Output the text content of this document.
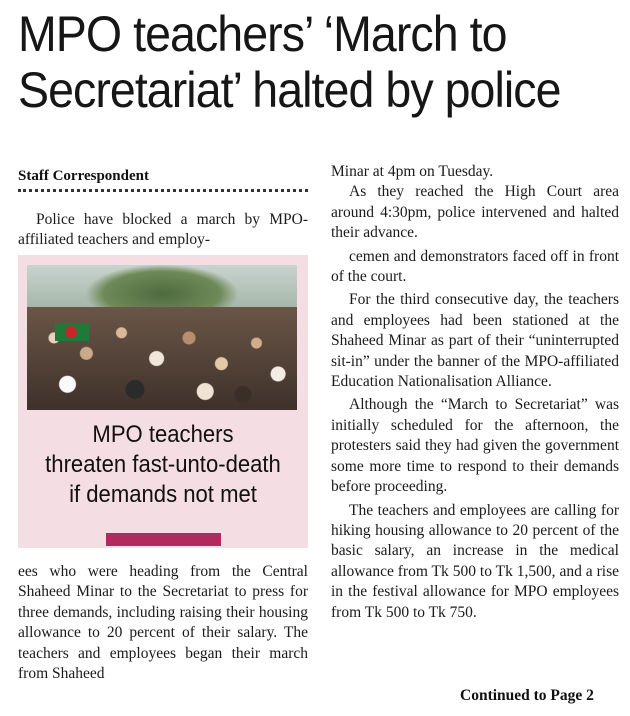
MPO teachers’ ‘March to
Secretariat’ halted by police
Staff Correspondent

Police have blocked a march by MPO-affiliated teachers and employ-

MPO teachers
threaten fast-unto-death
if demands not met

ees who were heading from the Central Shaheed Minar to the Secretariat to press for three demands, including raising their housing allowance to 20 percent of their salary. The teachers and employees began their march from Shaheed

Minar at 4pm on Tuesday.

As they reached the High Court area around 4:30pm, police intervened and halted their advance.

cemen and demonstrators faced off in front of the court.

For the third consecutive day, the teachers and employees had been stationed at the Shaheed Minar as part of their “uninterrupted sit-in” under the banner of the MPO-affiliated Education Nationalisation Alliance.

Although the “March to Secretariat” was initially scheduled for the afternoon, the protesters said they had given the government some more time to respond to their demands before proceeding.

The teachers and employees are calling for hiking housing allowance to 20 percent of the basic salary, an increase in the medical allowance from Tk 500 to Tk 1,500, and a rise in the festival allowance for MPO employees from Tk 500 to Tk 750.

Continued to Page 2
